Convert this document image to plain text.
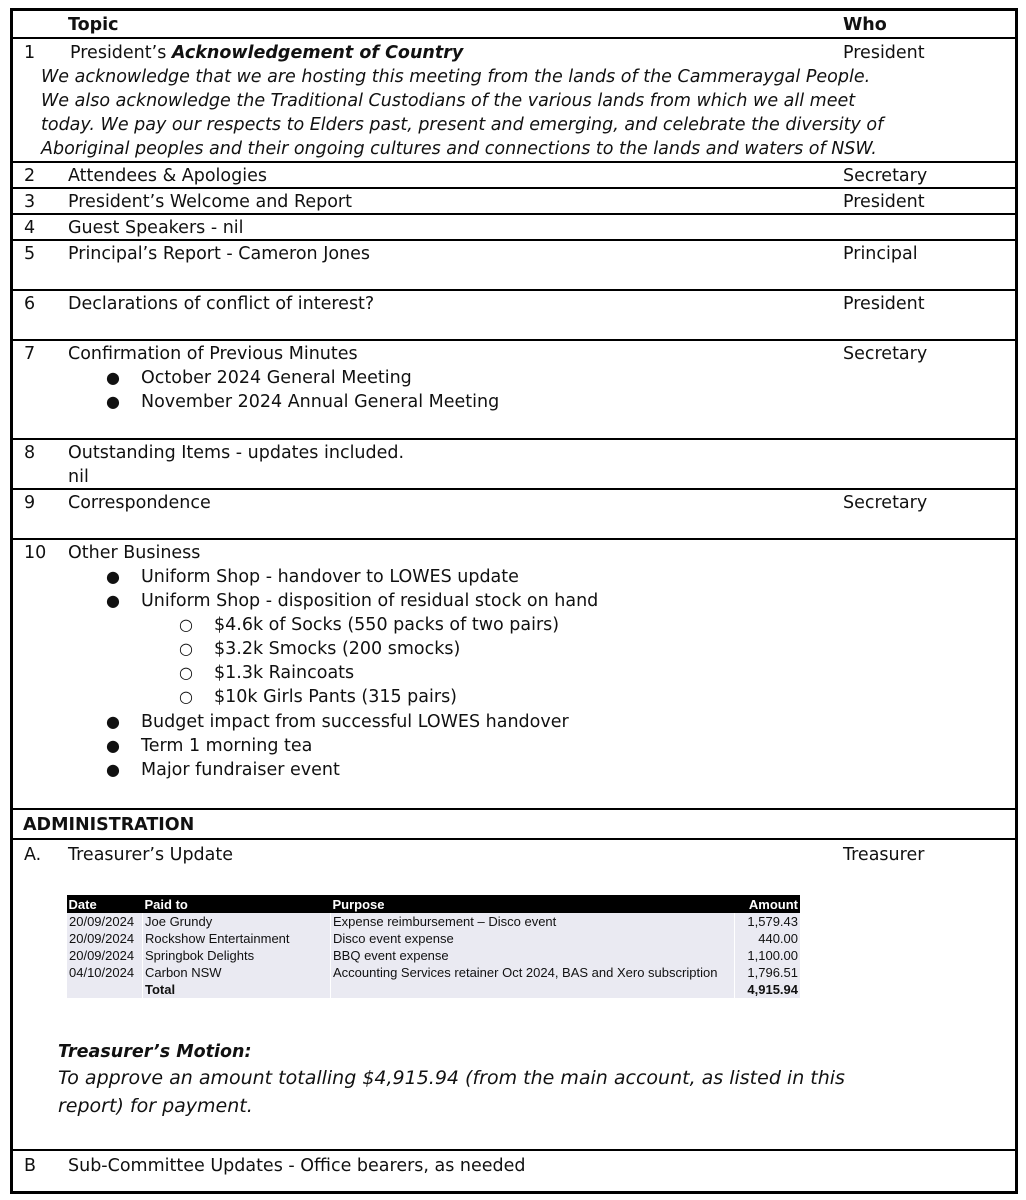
Topic	Who
1 President’s Acknowledgement of Country	President
We acknowledge that we are hosting this meeting from the lands of the Cammeraygal People.
We also acknowledge the Traditional Custodians of the various lands from which we all meet
today. We pay our respects to Elders past, present and emerging, and celebrate the diversity of
Aboriginal peoples and their ongoing cultures and connections to the lands and waters of NSW.
2 Attendees & Apologies	Secretary
3 President’s Welcome and Report	President
4 Guest Speakers - nil
5 Principal’s Report - Cameron Jones	Principal
6 Declarations of conflict of interest?	President
7 Confirmation of Previous Minutes	Secretary
● October 2024 General Meeting
● November 2024 Annual General Meeting
8 Outstanding Items - updates included.
nil
9 Correspondence	Secretary
10 Other Business
● Uniform Shop - handover to LOWES update
● Uniform Shop - disposition of residual stock on hand
○ $4.6k of Socks (550 packs of two pairs)
○ $3.2k Smocks (200 smocks)
○ $1.3k Raincoats
○ $10k Girls Pants (315 pairs)
● Budget impact from successful LOWES handover
● Term 1 morning tea
● Major fundraiser event
ADMINISTRATION
A. Treasurer’s Update	Treasurer
B Sub-Committee Updates - Office bearers, as needed
Date	Paid to	Purpose	Amount
20/09/2024	Joe Grundy	Expense reimbursement – Disco event	1,579.43
20/09/2024	Rockshow Entertainment	Disco event expense	440.00
20/09/2024	Springbok Delights	BBQ event expense	1,100.00
04/10/2024	Carbon NSW	Accounting Services retainer Oct 2024, BAS and Xero subscription	1,796.51
	Total		4,915.94
Treasurer’s Motion:
To approve an amount totalling $4,915.94 (from the main account, as listed in this
report) for payment.
